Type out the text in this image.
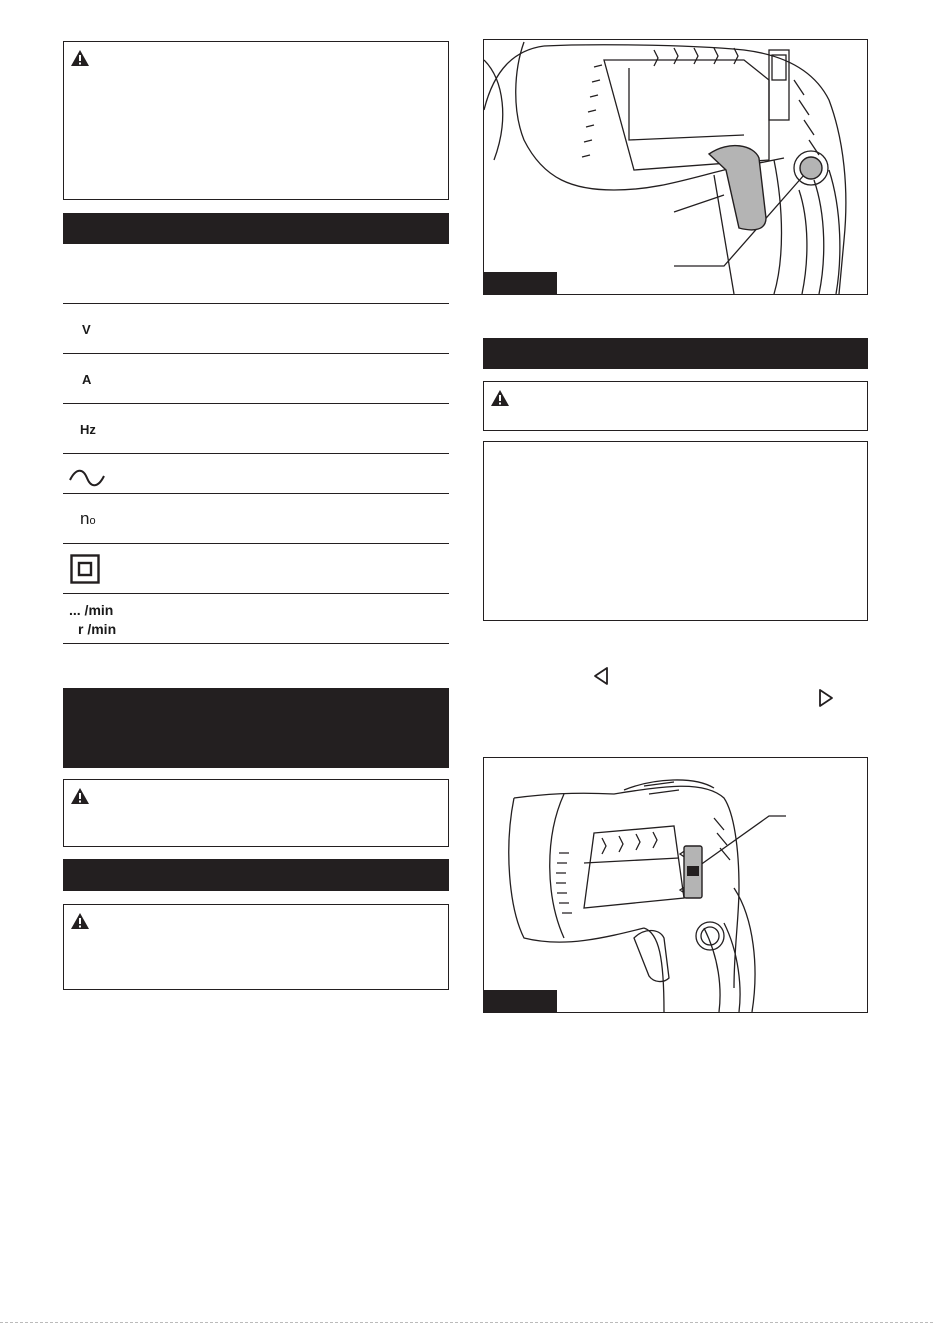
V
A
Hz
no
... /min
r /min
